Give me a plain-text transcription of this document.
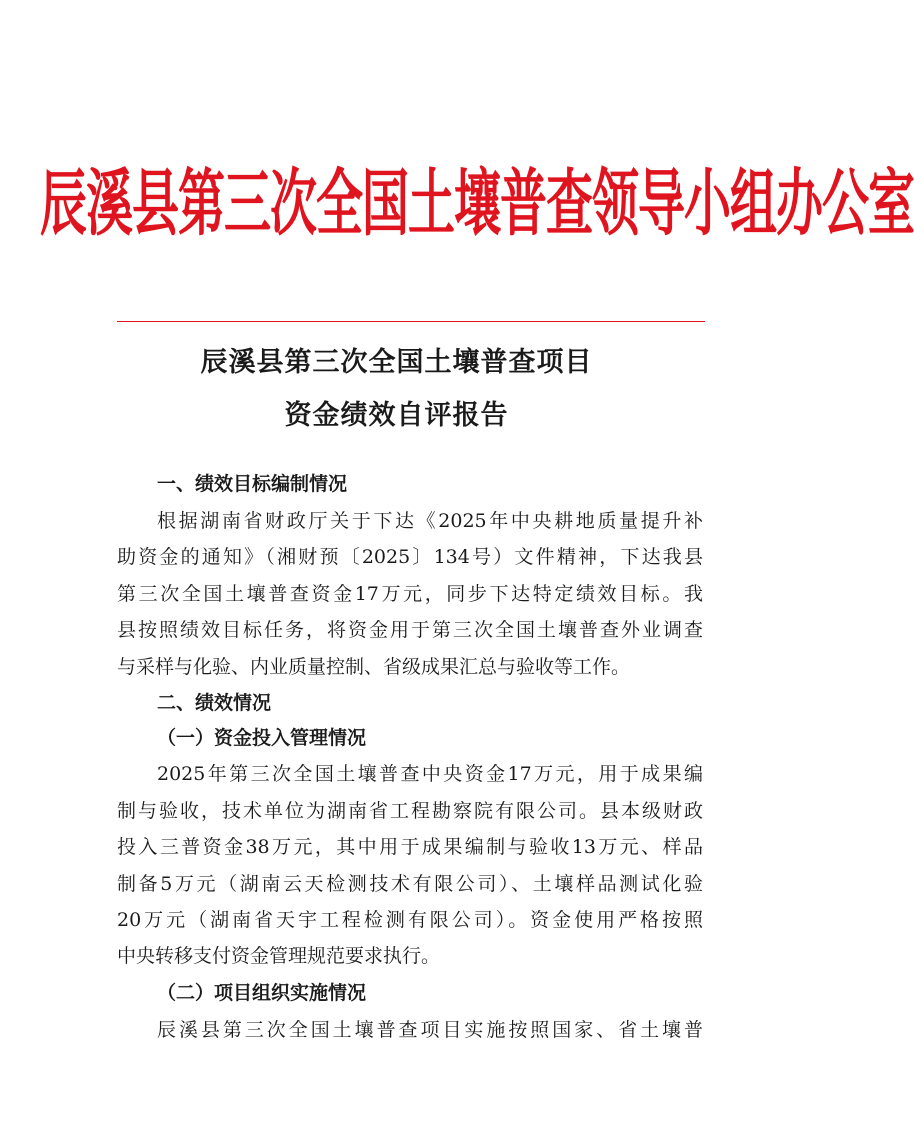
辰溪县第三次全国土壤普查领导小组办公室
辰溪县第三次全国土壤普查项目
资金绩效自评报告
一、绩效目标编制情况
根据湖南省财政厅关于下达《2025年中央耕地质量提升补
助资金的通知》（湘财预〔2025〕134号）文件精神，下达我县
第三次全国土壤普查资金17万元，同步下达特定绩效目标。我
县按照绩效目标任务，将资金用于第三次全国土壤普查外业调查
与采样与化验、内业质量控制、省级成果汇总与验收等工作。
二、绩效情况
（一）资金投入管理情况
2025年第三次全国土壤普查中央资金17万元，用于成果编
制与验收，技术单位为湖南省工程勘察院有限公司。县本级财政
投入三普资金38万元，其中用于成果编制与验收13万元、样品
制备5万元（湖南云天检测技术有限公司）、土壤样品测试化验
20万元（湖南省天宇工程检测有限公司）。资金使用严格按照
中央转移支付资金管理规范要求执行。
（二）项目组织实施情况
辰溪县第三次全国土壤普查项目实施按照国家、省土壤普
